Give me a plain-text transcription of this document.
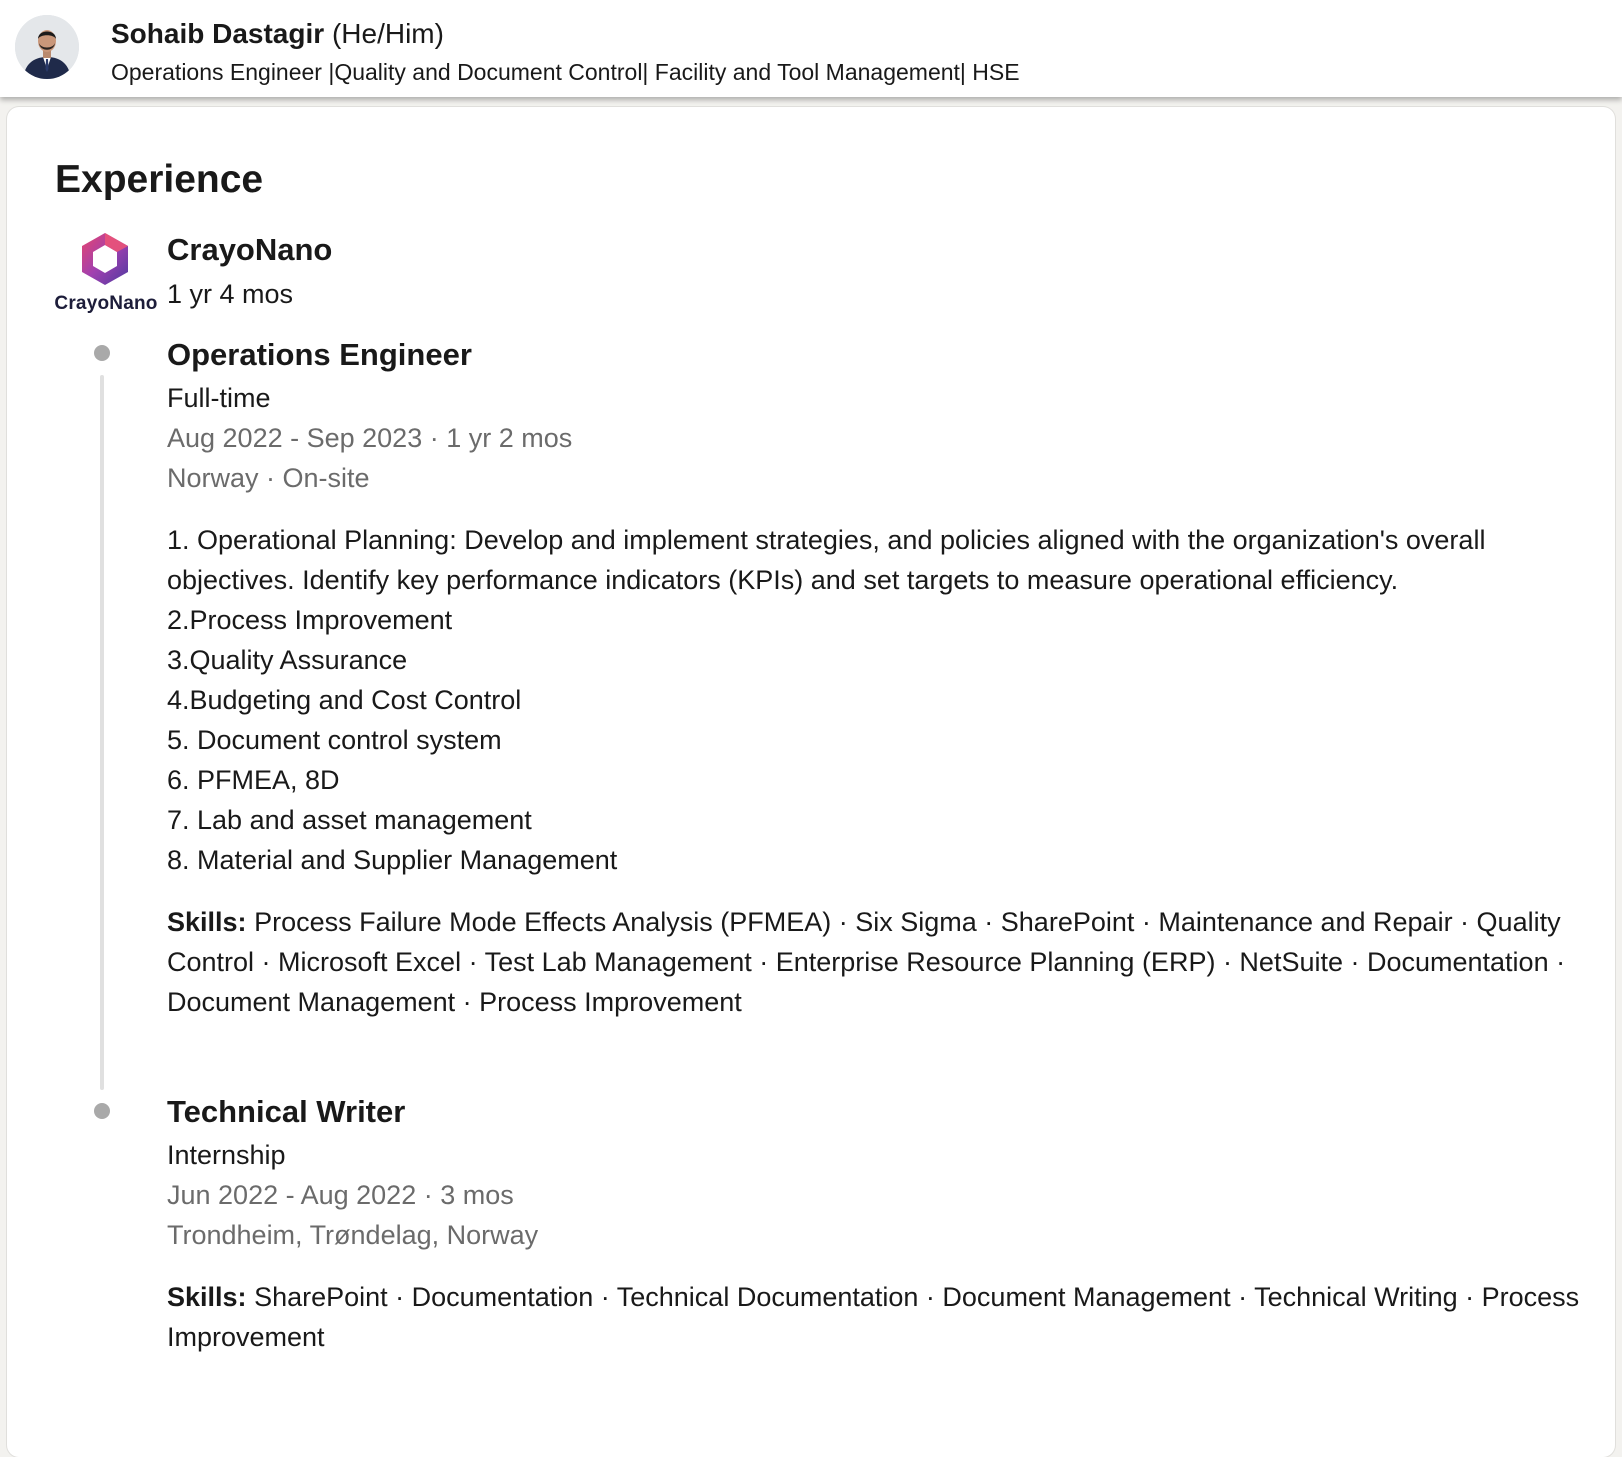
Sohaib Dastagir (He/Him)
Operations Engineer |Quality and Document Control| Facility and Tool Management| HSE
Experience
CrayoNano
CrayoNano
1 yr 4 mos
Operations Engineer
Full-time
Aug 2022 - Sep 2023 · 1 yr 2 mos
Norway · On-site
1. Operational Planning: Develop and implement strategies, and policies aligned with the organization's overall objectives. Identify key performance indicators (KPIs) and set targets to measure operational efficiency.
2.Process Improvement
3.Quality Assurance
4.Budgeting and Cost Control
5. Document control system
6. PFMEA, 8D
7. Lab and asset management
8. Material and Supplier Management
Skills: Process Failure Mode Effects Analysis (PFMEA) · Six Sigma · SharePoint · Maintenance and Repair · Quality Control · Microsoft Excel · Test Lab Management · Enterprise Resource Planning (ERP) · NetSuite · Documentation · Document Management · Process Improvement
Technical Writer
Internship
Jun 2022 - Aug 2022 · 3 mos
Trondheim, Trøndelag, Norway
Skills: SharePoint · Documentation · Technical Documentation · Document Management · Technical Writing · Process Improvement
